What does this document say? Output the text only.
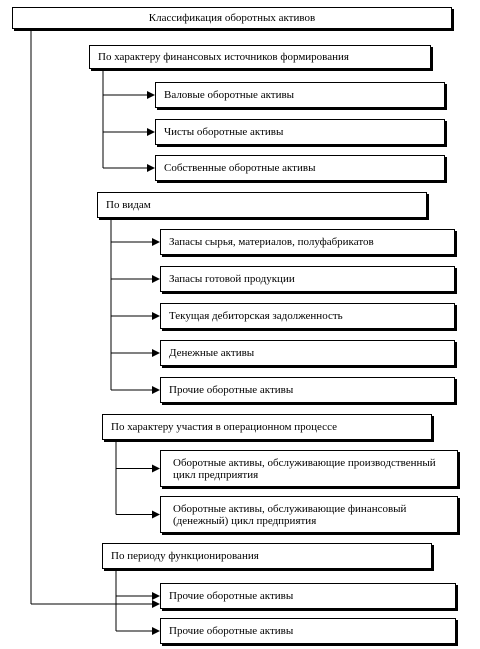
Классификация оборотных активов
По характеру финансовых источников формирования
Валовые оборотные активы
Чисты оборотные активы
Собственные оборотные активы
По видам
Запасы сырья, материалов, полуфабрикатов
Запасы готовой продукции
Текущая дебиторская задолженность
Денежные активы
Прочие оборотные активы
По характеру участия в операционном процессе
Оборотные активы, обслуживающие производственный цикл предприятия
Оборотные активы, обслуживающие финансовый (денежный) цикл предприятия
По периоду функционирования
Прочие оборотные активы
Прочие оборотные активы
